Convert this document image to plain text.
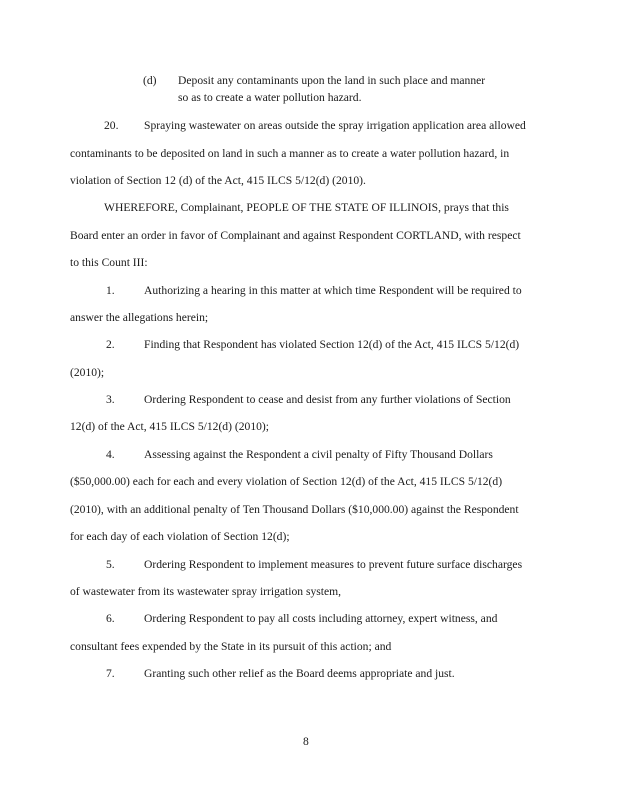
(d) Deposit any contaminants upon the land in such place and manner
so as to create a water pollution hazard.
20. Spraying wastewater on areas outside the spray irrigation application area allowed
contaminants to be deposited on land in such a manner as to create a water pollution hazard, in
violation of Section 12 (d) of the Act, 415 ILCS 5/12(d) (2010).
WHEREFORE, Complainant, PEOPLE OF THE STATE OF ILLINOIS, prays that this
Board enter an order in favor of Complainant and against Respondent CORTLAND, with respect
to this Count III:
1.	Authorizing a hearing in this matter at which time Respondent will be required to
answer the allegations herein;
2.	Finding that Respondent has violated Section 12(d) of the Act, 415 ILCS 5/12(d)
(2010);
3.	Ordering Respondent to cease and desist from any further violations of Section
12(d) of the Act, 415 ILCS 5/12(d) (2010);
4.	Assessing against the Respondent a civil penalty of Fifty Thousand Dollars
($50,000.00) each for each and every violation of Section 12(d) of the Act, 415 ILCS 5/12(d)
(2010), with an additional penalty of Ten Thousand Dollars ($10,000.00) against the Respondent
for each day of each violation of Section 12(d);
5.	Ordering Respondent to implement measures to prevent future surface discharges
of wastewater from its wastewater spray irrigation system,
6.	Ordering Respondent to pay all costs including attorney, expert witness, and
consultant fees expended by the State in its pursuit of this action; and
7.	Granting such other relief as the Board deems appropriate and just.
8
